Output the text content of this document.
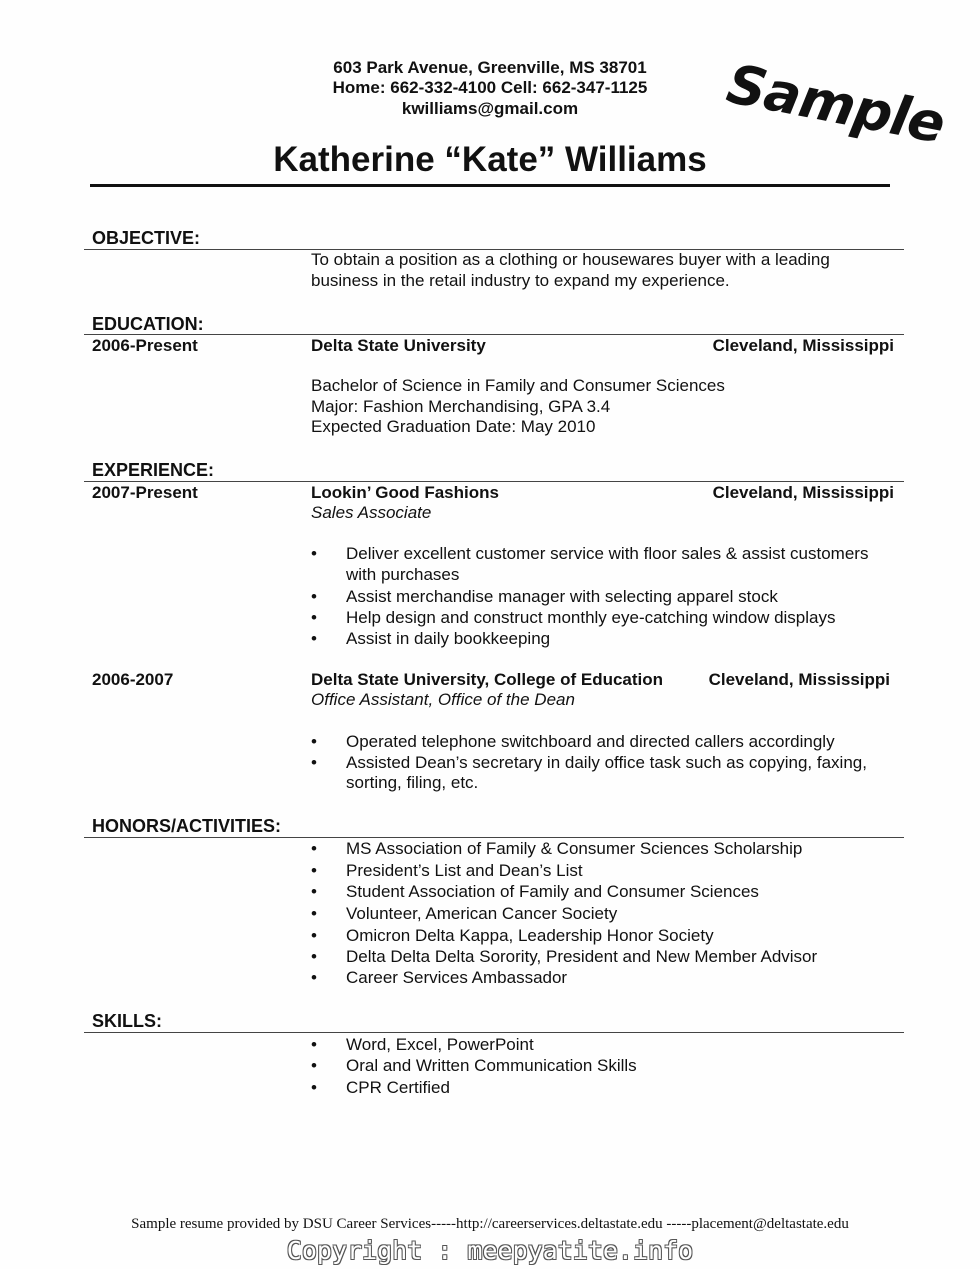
603 Park Avenue, Greenville, MS 38701
Home: 662-332-4100 Cell: 662-347-1125
kwilliams@gmail.com	Sample
Katherine “Kate” Williams
OBJECTIVE:
To obtain a position as a clothing or housewares buyer with a leading
business in the retail industry to expand my experience.
EDUCATION:
2006-Present	Delta State University	Cleveland, Mississippi
Bachelor of Science in Family and Consumer Sciences
Major: Fashion Merchandising, GPA 3.4
Expected Graduation Date: May 2010
EXPERIENCE:
2007-Present	Lookin’ Good Fashions	Cleveland, Mississippi
Sales Associate
• Deliver excellent customer service with floor sales & assist customers
with purchases
• Assist merchandise manager with selecting apparel stock
• Help design and construct monthly eye-catching window displays
• Assist in daily bookkeeping
2006-2007	Delta State University, College of Education	Cleveland, Mississippi
Office Assistant, Office of the Dean
• Operated telephone switchboard and directed callers accordingly
• Assisted Dean’s secretary in daily office task such as copying, faxing,
sorting, filing, etc.
HONORS/ACTIVITIES:
• MS Association of Family & Consumer Sciences Scholarship
• President’s List and Dean’s List
• Student Association of Family and Consumer Sciences
• Volunteer, American Cancer Society
• Omicron Delta Kappa, Leadership Honor Society
• Delta Delta Delta Sorority, President and New Member Advisor
• Career Services Ambassador
SKILLS:
• Word, Excel, PowerPoint
• Oral and Written Communication Skills
• CPR Certified
Sample resume provided by DSU Career Services-----http://careerservices.deltastate.edu -----placement@deltastate.edu
Copyright : meepyatite.info
